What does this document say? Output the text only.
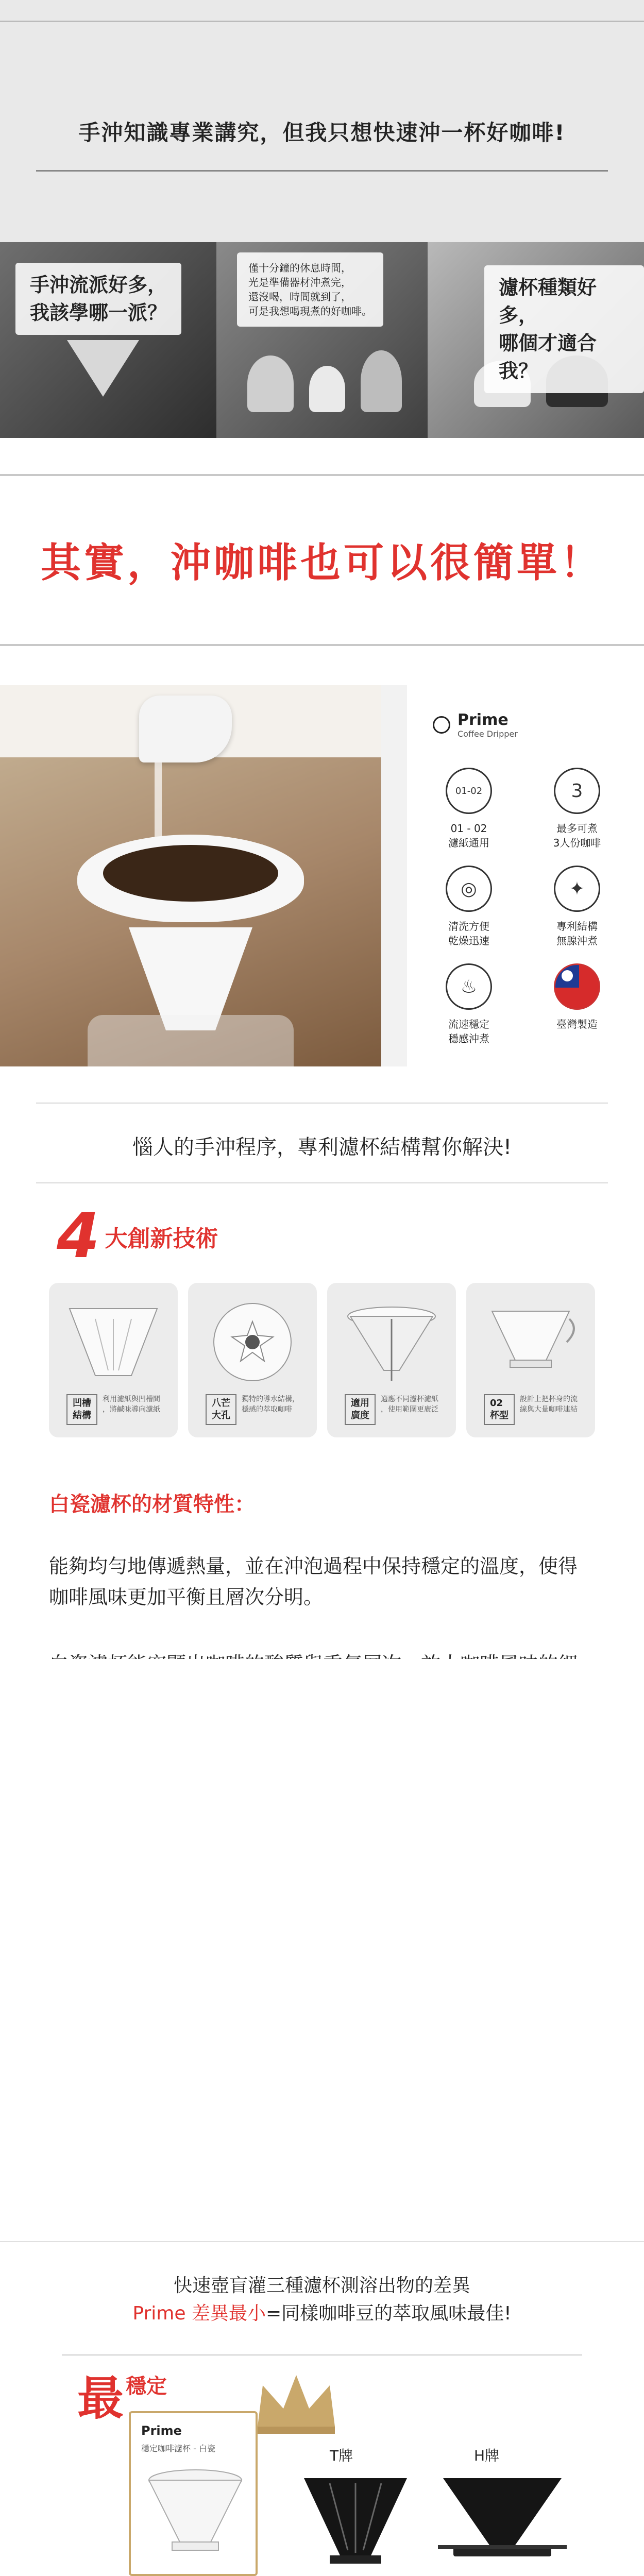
手沖知識專業講究，但我只想快速沖一杯好咖啡!
手沖流派好多，
我該學哪一派？
僅十分鐘的休息時間，
光是準備器材沖煮完，
還沒喝，時間就到了，
可是我想喝現煮的好咖啡。
濾杯種類好多，
哪個才適合我？
其實，沖咖啡也可以很簡單！
Prime
Coffee Dripper
01-02
01 - 02
濾紙通用
3
最多可煮
3人份咖啡
◎
清洗方便
乾燥迅速
✦
專利結構
無腺沖煮
♨
流速穩定
穩感沖煮
臺灣製造
惱人的手沖程序，專利濾杯結構幫你解決!
4 大創新技術
凹槽
結構
利用濾紙與凹槽間
，將鹹味導向濾紙
八芒
大孔
獨特的導水結構，
穩感的萃取咖啡
適用
廣度
適應不同濾杯濾紙
，使用範圍更廣泛
02
杯型
設計上把杯身的流
線與大量咖啡連結
白瓷濾杯的材質特性：
能夠均勻地傳遞熱量，並在沖泡過程中保持穩定的溫度，使得咖啡風味更加平衡且層次分明。
快速壺盲灌三種濾杯測溶出物的差異
Prime 差異最小=同樣咖啡豆的萃取風味最佳!
最 穩定
Prime
穩定咖啡濾杯 - 白瓷	T牌	H牌
